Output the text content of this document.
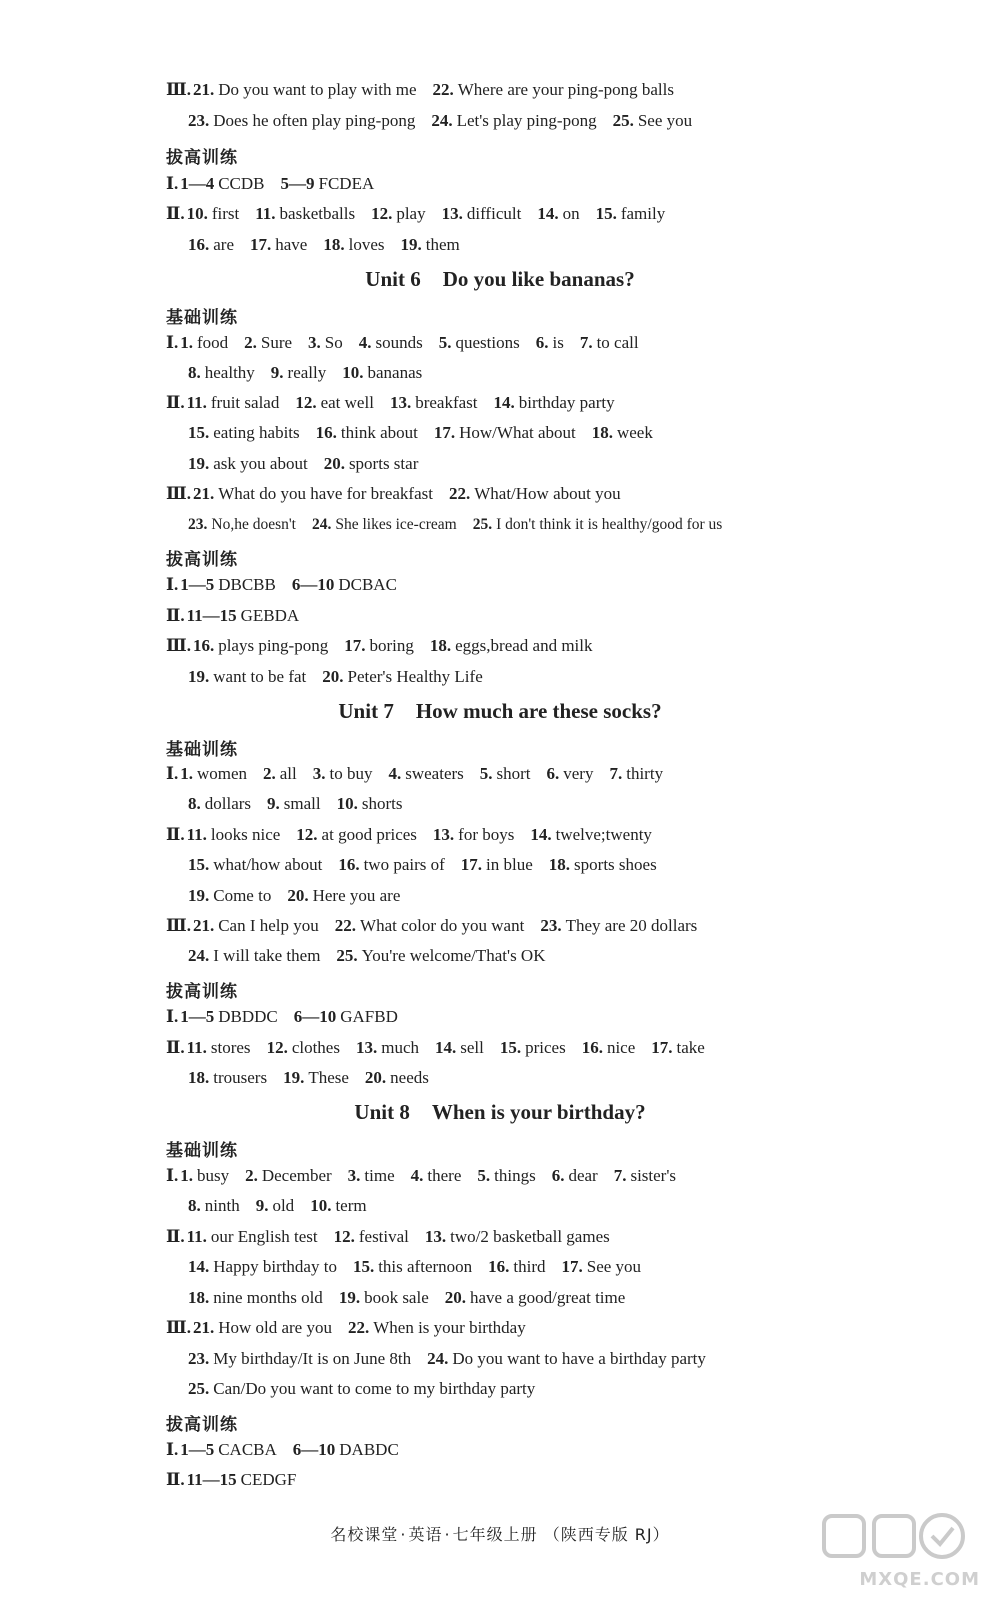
Ⅲ. 21. Do you want to play with me 22. Where are your ping-pong balls
23. Does he often play ping-pong 24. Let's play ping-pong 25. See you
拔高训练
Ⅰ. 1—4 CCDB 5—9 FCDEA
Ⅱ. 10. first 11. basketballs 12. play 13. difficult 14. on 15. family
16. are 17. have 18. loves 19. them
Unit 6 Do you like bananas?
基础训练
Ⅰ. 1. food 2. Sure 3. So 4. sounds 5. questions 6. is 7. to call
8. healthy 9. really 10. bananas
Ⅱ. 11. fruit salad 12. eat well 13. breakfast 14. birthday party
15. eating habits 16. think about 17. How/What about 18. week
19. ask you about 20. sports star
Ⅲ. 21. What do you have for breakfast 22. What/How about you
23. No,he doesn't 24. She likes ice-cream 25. I don't think it is healthy/good for us
拔高训练
Ⅰ. 1—5 DBCBB 6—10 DCBAC
Ⅱ. 11—15 GEBDA
Ⅲ. 16. plays ping-pong 17. boring 18. eggs,bread and milk
19. want to be fat 20. Peter's Healthy Life
Unit 7 How much are these socks?
基础训练
Ⅰ. 1. women 2. all 3. to buy 4. sweaters 5. short 6. very 7. thirty
8. dollars 9. small 10. shorts
Ⅱ. 11. looks nice 12. at good prices 13. for boys 14. twelve;twenty
15. what/how about 16. two pairs of 17. in blue 18. sports shoes
19. Come to 20. Here you are
Ⅲ. 21. Can I help you 22. What color do you want 23. They are 20 dollars
24. I will take them 25. You're welcome/That's OK
拔高训练
Ⅰ. 1—5 DBDDC 6—10 GAFBD
Ⅱ. 11. stores 12. clothes 13. much 14. sell 15. prices 16. nice 17. take
18. trousers 19. These 20. needs
Unit 8 When is your birthday?
基础训练
Ⅰ. 1. busy 2. December 3. time 4. there 5. things 6. dear 7. sister's
8. ninth 9. old 10. term
Ⅱ. 11. our English test 12. festival 13. two/2 basketball games
14. Happy birthday to 15. this afternoon 16. third 17. See you
18. nine months old 19. book sale 20. have a good/great time
Ⅲ. 21. How old are you 22. When is your birthday
23. My birthday/It is on June 8th 24. Do you want to have a birthday party
25. Can/Do you want to come to my birthday party
拔高训练
Ⅰ. 1—5 CACBA 6—10 DABDC
Ⅱ. 11—15 CEDGF
名校课堂 · 英语 · 七年级上册 （陕西专版 RJ）
MXQE.COM
